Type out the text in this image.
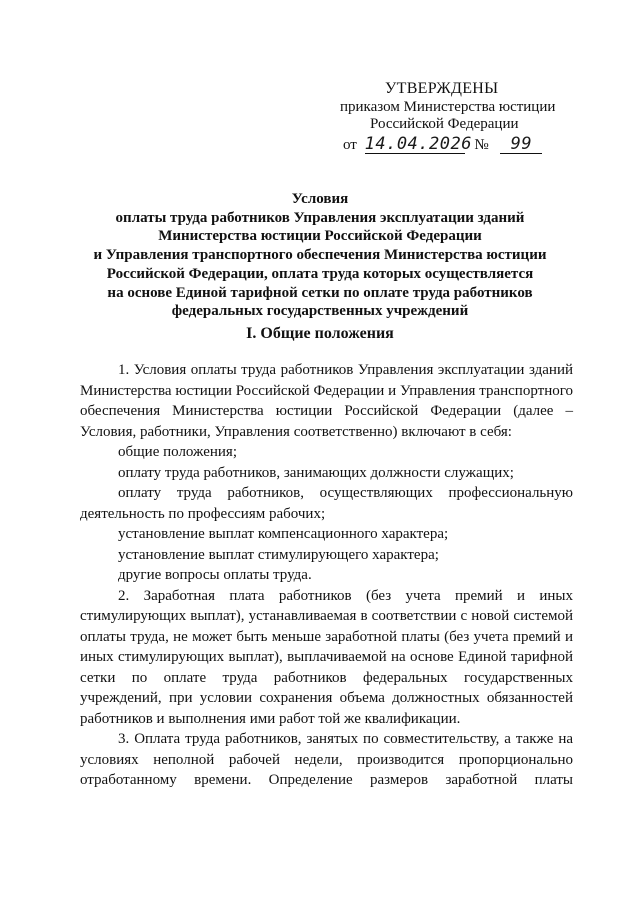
УТВЕРЖДЕНЫ
приказом Министерства юстиции
Российской Федерации
от 14.04.2026 № 99
Условия
оплаты труда работников Управления эксплуатации зданий
Министерства юстиции Российской Федерации
и Управления транспортного обеспечения Министерства юстиции
Российской Федерации, оплата труда которых осуществляется
на основе Единой тарифной сетки по оплате труда работников
федеральных государственных учреждений
I. Общие положения

1. Условия оплаты труда работников Управления эксплуатации зданий Министерства юстиции Российской Федерации и Управления транспортного обеспечения Министерства юстиции Российской Федерации (далее – Условия, работники, Управления соответственно) включают в себя:

общие положения;

оплату труда работников, занимающих должности служащих;

оплату труда работников, осуществляющих профессиональную деятельность по профессиям рабочих;

установление выплат компенсационного характера;

установление выплат стимулирующего характера;

другие вопросы оплаты труда.

2. Заработная плата работников (без учета премий и иных стимулирующих выплат), устанавливаемая в соответствии с новой системой оплаты труда, не может быть меньше заработной платы (без учета премий и иных стимулирующих выплат), выплачиваемой на основе Единой тарифной сетки по оплате труда работников федеральных государственных учреждений, при условии сохранения объема должностных обязанностей работников и выполнения ими работ той же квалификации.

3. Оплата труда работников, занятых по совместительству, а также на условиях неполной рабочей недели, производится пропорционально отработанному времени. Определение размеров заработной платы
